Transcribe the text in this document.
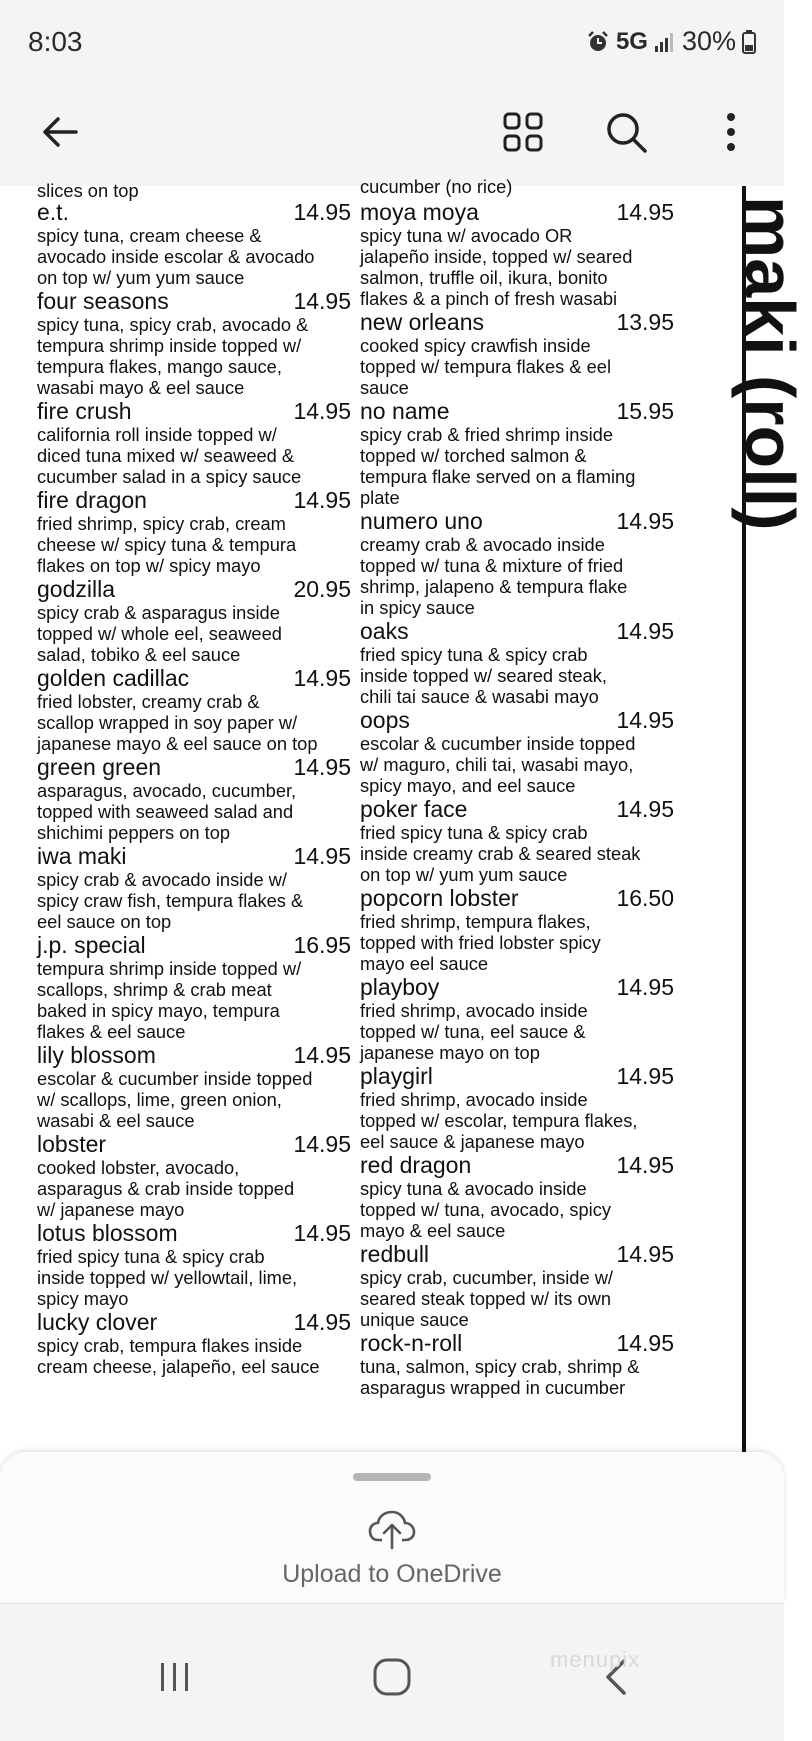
8:03	5G 30%
slices on top
e.t.	14.95
spicy tuna, cream cheese &
avocado inside escolar & avocado
on top w/ yum yum sauce
four seasons	14.95
spicy tuna, spicy crab, avocado &
tempura shrimp inside topped w/
tempura flakes, mango sauce,
wasabi mayo & eel sauce
fire crush	14.95
california roll inside topped w/
diced tuna mixed w/ seaweed &
cucumber salad in a spicy sauce
fire dragon	14.95
fried shrimp, spicy crab, cream
cheese w/ spicy tuna & tempura
flakes on top w/ spicy mayo
godzilla	20.95
spicy crab & asparagus inside
topped w/ whole eel, seaweed
salad, tobiko & eel sauce
golden cadillac	14.95
fried lobster, creamy crab &
scallop wrapped in soy paper w/
japanese mayo & eel sauce on top
green green	14.95
asparagus, avocado, cucumber,
topped with seaweed salad and
shichimi peppers on top
iwa maki	14.95
spicy crab & avocado inside w/
spicy craw fish, tempura flakes &
eel sauce on top
j.p. special	16.95
tempura shrimp inside topped w/
scallops, shrimp & crab meat
baked in spicy mayo, tempura
flakes & eel sauce
lily blossom	14.95
escolar & cucumber inside topped
w/ scallops, lime, green onion,
wasabi & eel sauce
lobster	14.95
cooked lobster, avocado,
asparagus & crab inside topped
w/ japanese mayo
lotus blossom	14.95
fried spicy tuna & spicy crab
inside topped w/ yellowtail, lime,
spicy mayo
lucky clover	14.95
spicy crab, tempura flakes inside
cream cheese, jalapeño, eel sauce
cucumber (no rice)
moya moya	14.95
spicy tuna w/ avocado OR
jalapeño inside, topped w/ seared
salmon, truffle oil, ikura, bonito
flakes & a pinch of fresh wasabi
new orleans	13.95
cooked spicy crawfish inside
topped w/ tempura flakes & eel
sauce
no name	15.95
spicy crab & fried shrimp inside
topped w/ torched salmon &
tempura flake served on a flaming
plate
numero uno	14.95
creamy crab & avocado inside
topped w/ tuna & mixture of fried
shrimp, jalapeno & tempura flake
in spicy sauce
oaks	14.95
fried spicy tuna & spicy crab
inside topped w/ seared steak,
chili tai sauce & wasabi mayo
oops	14.95
escolar & cucumber inside topped
w/ maguro, chili tai, wasabi mayo,
spicy mayo, and eel sauce
poker face	14.95
fried spicy tuna & spicy crab
inside creamy crab & seared steak
on top w/ yum yum sauce
popcorn lobster	16.50
fried shrimp, tempura flakes,
topped with fried lobster spicy
mayo eel sauce
playboy	14.95
fried shrimp, avocado inside
topped w/ tuna, eel sauce &
japanese mayo on top
playgirl	14.95
fried shrimp, avocado inside
topped w/ escolar, tempura flakes,
eel sauce & japanese mayo
red dragon	14.95
spicy tuna & avocado inside
topped w/ tuna, avocado, spicy
mayo & eel sauce
redbull	14.95
spicy crab, cucumber, inside w/
seared steak topped w/ its own
unique sauce
rock-n-roll	14.95
tuna, salmon, spicy crab, shrimp &
asparagus wrapped in cucumber
maki (roll)
Upload to OneDrive
menupix
